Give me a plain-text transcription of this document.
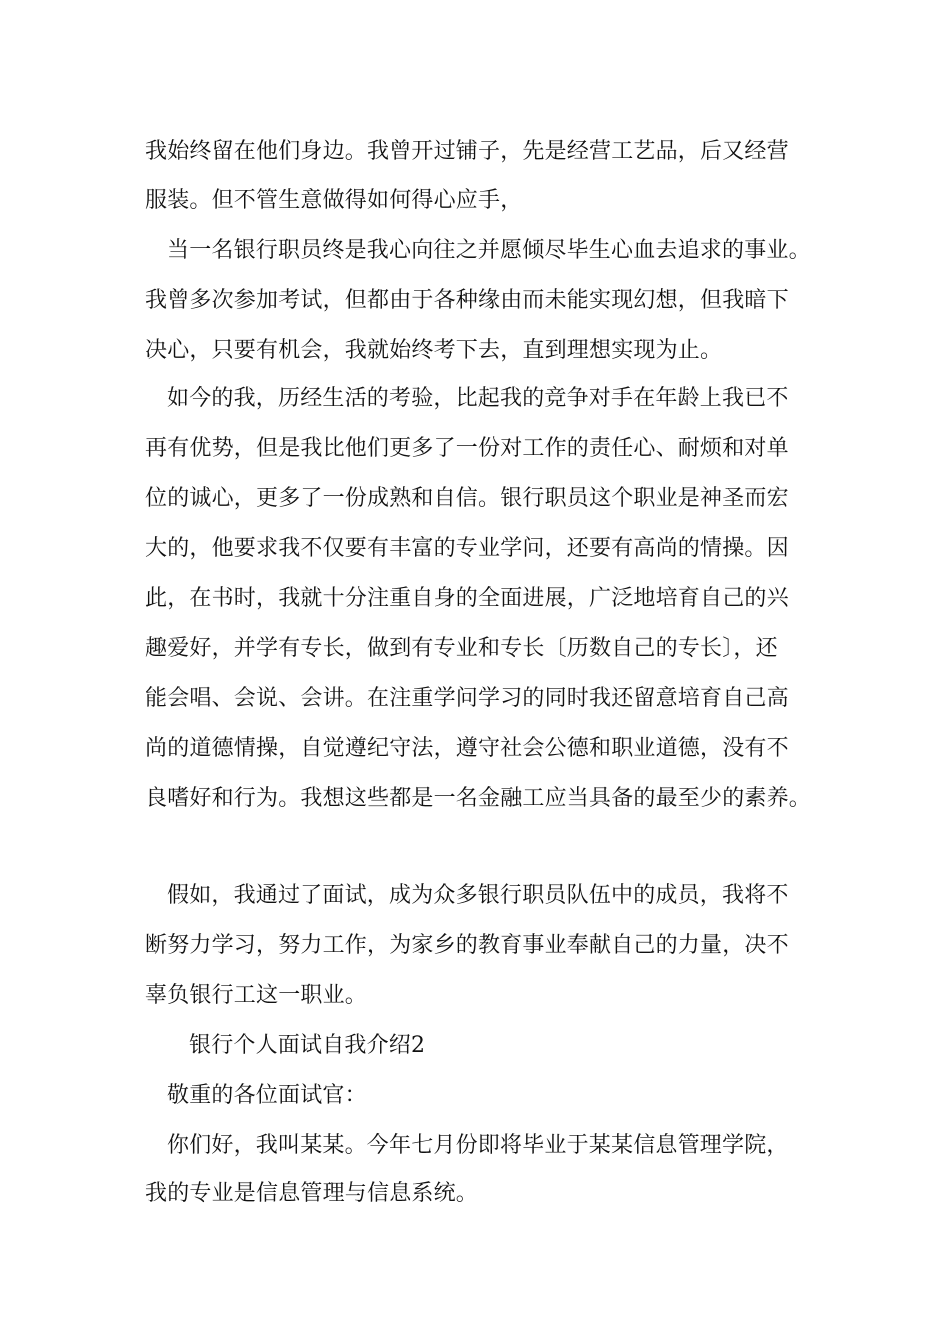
我始终留在他们身边。我曾开过铺子，先是经营工艺品，后又经营
服装。但不管生意做得如何得心应手，
当一名银行职员终是我心向往之并愿倾尽毕生心血去追求的事业。
我曾多次参加考试，但都由于各种缘由而未能实现幻想，但我暗下
决心，只要有机会，我就始终考下去，直到理想实现为止。
如今的我，历经生活的考验，比起我的竞争对手在年龄上我已不
再有优势，但是我比他们更多了一份对工作的责任心、耐烦和对单
位的诚心，更多了一份成熟和自信。银行职员这个职业是神圣而宏
大的，他要求我不仅要有丰富的专业学问，还要有高尚的情操。因
此，在书时，我就十分注重自身的全面进展，广泛地培育自己的兴
趣爱好，并学有专长，做到有专业和专长〔历数自己的专长〕，还
能会唱、会说、会讲。在注重学问学习的同时我还留意培育自己高
尚的道德情操，自觉遵纪守法，遵守社会公德和职业道德，没有不
良嗜好和行为。我想这些都是一名金融工应当具备的最至少的素养。
假如，我通过了面试，成为众多银行职员队伍中的成员，我将不
断努力学习，努力工作，为家乡的教育事业奉献自己的力量，决不
辜负银行工这一职业。
银行个人面试自我介绍2
敬重的各位面试官：
你们好，我叫某某。今年七月份即将毕业于某某信息管理学院，
我的专业是信息管理与信息系统。
